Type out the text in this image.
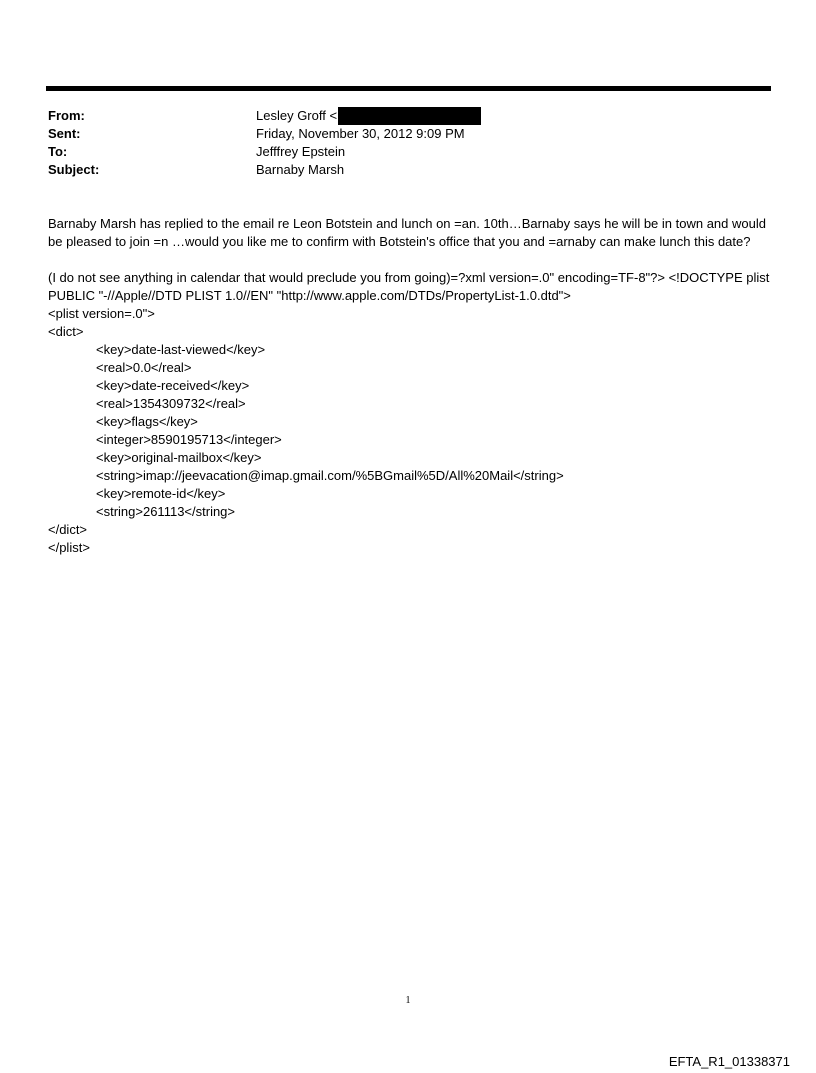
From:	Lesley Groff <
Sent:	Friday, November 30, 2012 9:09 PM
To:	Jefffrey Epstein
Subject:	Barnaby Marsh

Barnaby Marsh has replied to the email re Leon Botstein and lunch on =an. 10th…Barnaby says he will be in town and would be pleased to join =n …would you like me to confirm with Botstein's office that you and =arnaby can make lunch this date?

(I do not see anything in calendar that would preclude you from going)=?xml version=.0" encoding=TF-8"?> <!DOCTYPE plist PUBLIC "-//Apple//DTD PLIST 1.0//EN" "http://www.apple.com/DTDs/PropertyList-1.0.dtd">

<plist version=.0">
<dict>
<key>date-last-viewed</key>
<real>0.0</real>
<key>date-received</key>
<real>1354309732</real>
<key>flags</key>
<integer>8590195713</integer>
<key>original-mailbox</key>
<string>imap://jeevacation@imap.gmail.com/%5BGmail%5D/All%20Mail</string>
<key>remote-id</key>
<string>261113</string>
</dict>
</plist>
1
EFTA_R1_01338371
